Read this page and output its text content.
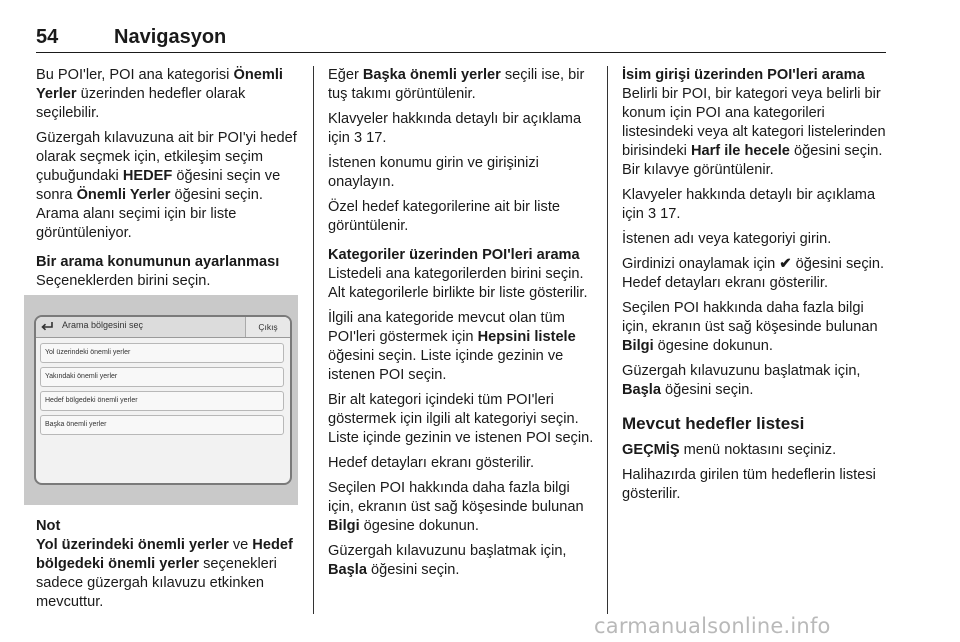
54	Navigasyon

Bu POI'ler, POI ana kategorisi Önemli Yerler üzerinden hedefler olarak seçilebilir.

Güzergah kılavuzuna ait bir POI'yi hedef olarak seçmek için, etkileşim seçim çubuğundaki HEDEF öğesini seçin ve sonra Önemli Yerler öğesini seçin. Arama alanı seçimi için bir liste görüntüleniyor.

Bir arama konumunun ayarlanması

Seçeneklerden birini seçin.

Arama bölgesini seç	Çıkış
Yol üzerindeki önemli yerler
Yakındaki önemli yerler
Hedef bölgedeki önemli yerler
Başka önemli yerler

Not

Yol üzerindeki önemli yerler ve Hedef bölgedeki önemli yerler seçenekleri sadece güzergah kılavuzu etkinken mevcuttur.

Eğer Başka önemli yerler seçili ise, bir tuş takımı görüntülenir.

Klavyeler hakkında detaylı bir açıklama için 3 17.

İstenen konumu girin ve girişinizi onaylayın.

Özel hedef kategorilerine ait bir liste görüntülenir.

Kategoriler üzerinden POI'leri arama

Listedeli ana kategorilerden birini seçin. Alt kategorilerle birlikte bir liste gösterilir.

İlgili ana kategoride mevcut olan tüm POI'leri göstermek için Hepsini listele öğesini seçin. Liste içinde gezinin ve istenen POI seçin.

Bir alt kategori içindeki tüm POI'leri göstermek için ilgili alt kategoriyi seçin. Liste içinde gezinin ve istenen POI seçin.

Hedef detayları ekranı gösterilir.

Seçilen POI hakkında daha fazla bilgi için, ekranın üst sağ köşesinde bulunan Bilgi ögesine dokunun.

Güzergah kılavuzunu başlatmak için, Başla öğesini seçin.

İsim girişi üzerinden POI'leri arama

Belirli bir POI, bir kategori veya belirli bir konum için POI ana kategorileri listesindeki veya alt kategori listelerinden birisindeki Harf ile hecele öğesini seçin. Bir kılavye görüntülenir.

Klavyeler hakkında detaylı bir açıklama için 3 17.

İstenen adı veya kategoriyi girin.

Girdinizi onaylamak için ✔ öğesini seçin. Hedef detayları ekranı gösterilir.

Seçilen POI hakkında daha fazla bilgi için, ekranın üst sağ köşesinde bulunan Bilgi ögesine dokunun.

Güzergah kılavuzunu başlatmak için, Başla öğesini seçin.

Mevcut hedefler listesi

GEÇMİŞ menü noktasını seçiniz.

Halihazırda girilen tüm hedeflerin listesi gösterilir.

carmanualsonline.info
